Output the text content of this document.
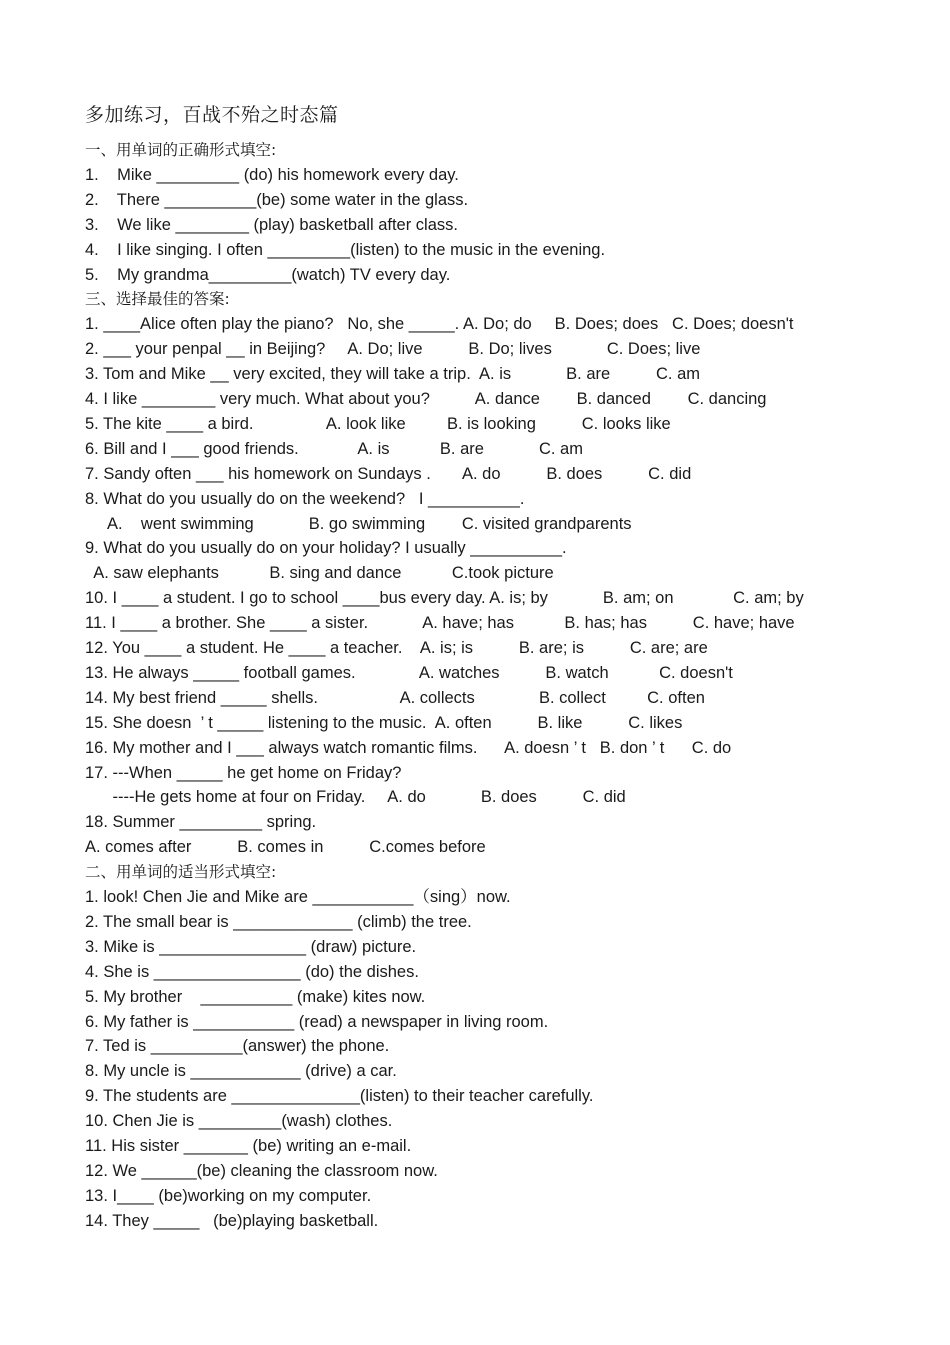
多加练习，百战不殆之时态篇
一、用单词的正确形式填空:
1.    Mike _________ (do) his homework every day.
2.    There __________(be) some water in the glass.
3.    We like ________ (play) basketball after class.
4.    I like singing. I often _________(listen) to the music in the evening.
5.    My grandma_________(watch) TV every day.
三、选择最佳的答案:
1. ____Alice often play the piano?   No, she _____. A. Do; do     B. Does; does   C. Does; doesn't
2. ___ your penpal __ in Beijing?     A. Do; live          B. Do; lives            C. Does; live
3. Tom and Mike __ very excited, they will take a trip.  A. is            B. are          C. am
4. I like ________ very much. What about you?          A. dance        B. danced        C. dancing
5. The kite ____ a bird.                A. look like         B. is looking          C. looks like
6. Bill and I ___ good friends.             A. is           B. are            C. am
7. Sandy often ___ his homework on Sundays .       A. do          B. does          C. did
8. What do you usually do on the weekend?   I __________.
A.    went swimming            B. go swimming        C. visited grandparents
9. What do you usually do on your holiday? I usually __________.
A. saw elephants           B. sing and dance           C.took picture
10. I ____ a student. I go to school ____bus every day. A. is; by            B. am; on             C. am; by
11. I ____ a brother. She ____ a sister.            A. have; has           B. has; has          C. have; have
12. You ____ a student. He ____ a teacher.    A. is; is          B. are; is          C. are; are
13. He always _____ football games.              A. watches          B. watch           C. doesn't
14. My best friend _____ shells.                  A. collects              B. collect         C. often
15. She doesn  ’ t _____ listening to the music.  A. often          B. like          C. likes
16. My mother and I ___ always watch romantic films.      A. doesn ’ t   B. don ’ t      C. do
17. ---When _____ he get home on Friday?
----He gets home at four on Friday.     A. do            B. does          C. did
18. Summer _________ spring.
A. comes after          B. comes in          C.comes before
二、用单词的适当形式填空:
1. look! Chen Jie and Mike are ___________（sing）now.
2. The small bear is _____________ (climb) the tree.
3. Mike is ________________ (draw) picture.
4. She is ________________ (do) the dishes.
5. My brother    __________ (make) kites now.
6. My father is ___________ (read) a newspaper in living room.
7. Ted is __________(answer) the phone.
8. My uncle is ____________ (drive) a car.
9. The students are ______________(listen) to their teacher carefully.
10. Chen Jie is _________(wash) clothes.
11. His sister _______ (be) writing an e-mail.
12. We ______(be) cleaning the classroom now.
13. I____ (be)working on my computer.
14. They _____   (be)playing basketball.
